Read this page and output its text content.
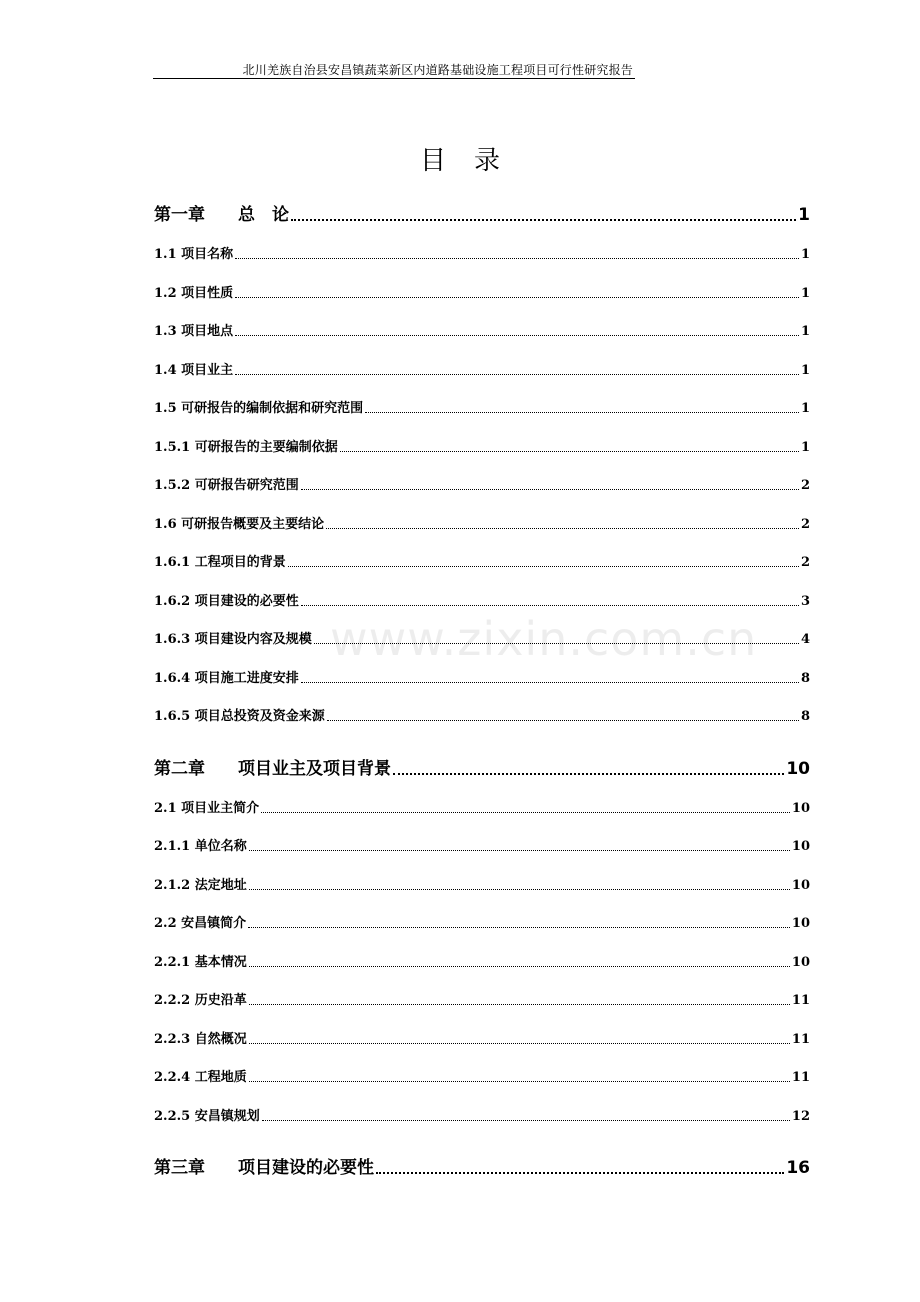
北川羌族自治县安昌镇蔬菜新区内道路基础设施工程项目可行性研究报告
目 录
第一章 总　论	1
1.1 项目名称	1
1.2 项目性质	1
1.3 项目地点	1
1.4 项目业主	1
1.5 可研报告的编制依据和研究范围	1
1.5.1 可研报告的主要编制依据	1
1.5.2 可研报告研究范围	2
1.6 可研报告概要及主要结论	2
1.6.1 工程项目的背景	2
1.6.2 项目建设的必要性	3
1.6.3 项目建设内容及规模	4
1.6.4 项目施工进度安排	8
1.6.5 项目总投资及资金来源	8
第二章 项目业主及项目背景	10
2.1 项目业主简介	10
2.1.1 单位名称	10
2.1.2 法定地址	10
2.2 安昌镇简介	10
2.2.1 基本情况	10
2.2.2 历史沿革	11
2.2.3 自然概况	11
2.2.4 工程地质	11
2.2.5 安昌镇规划	12
第三章 项目建设的必要性	16
www.zixin.com.cn
